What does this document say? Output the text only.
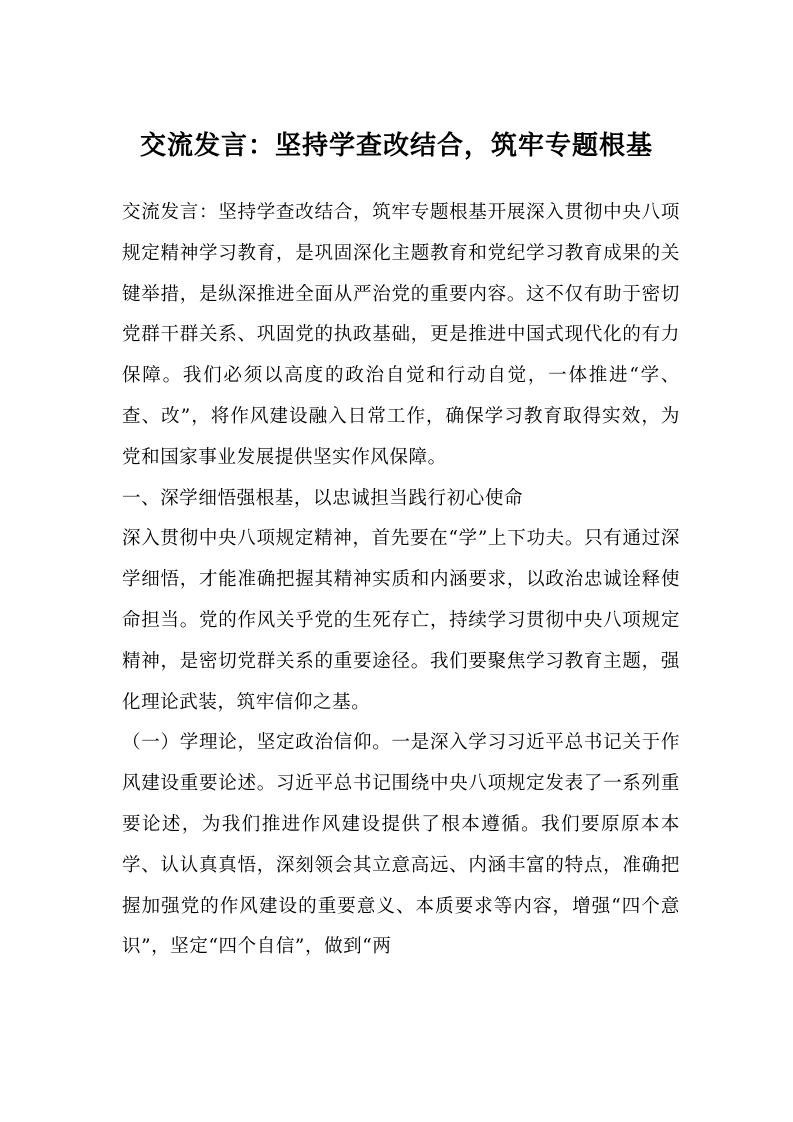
交流发言：坚持学查改结合，筑牢专题根基

交流发言：坚持学查改结合，筑牢专题根基开展深入贯彻中央八项规定精神学习教育，是巩固深化主题教育和党纪学习教育成果的关键举措，是纵深推进全面从严治党的重要内容。这不仅有助于密切党群干群关系、巩固党的执政基础，更是推进中国式现代化的有力保障。我们必须以高度的政治自觉和行动自觉，一体推进“学、查、改”，将作风建设融入日常工作，确保学习教育取得实效，为党和国家事业发展提供坚实作风保障。

一、深学细悟强根基，以忠诚担当践行初心使命

深入贯彻中央八项规定精神，首先要在“学”上下功夫。只有通过深学细悟，才能准确把握其精神实质和内涵要求，以政治忠诚诠释使命担当。党的作风关乎党的生死存亡，持续学习贯彻中央八项规定精神，是密切党群关系的重要途径。我们要聚焦学习教育主题，强化理论武装，筑牢信仰之基。

（一）学理论，坚定政治信仰。一是深入学习习近平总书记关于作风建设重要论述。习近平总书记围绕中央八项规定发表了一系列重要论述，为我们推进作风建设提供了根本遵循。我们要原原本本学、认认真真悟，深刻领会其立意高远、内涵丰富的特点，准确把握加强党的作风建设的重要意义、本质要求等内容，增强“四个意识”，坚定“四个自信”，做到“两
